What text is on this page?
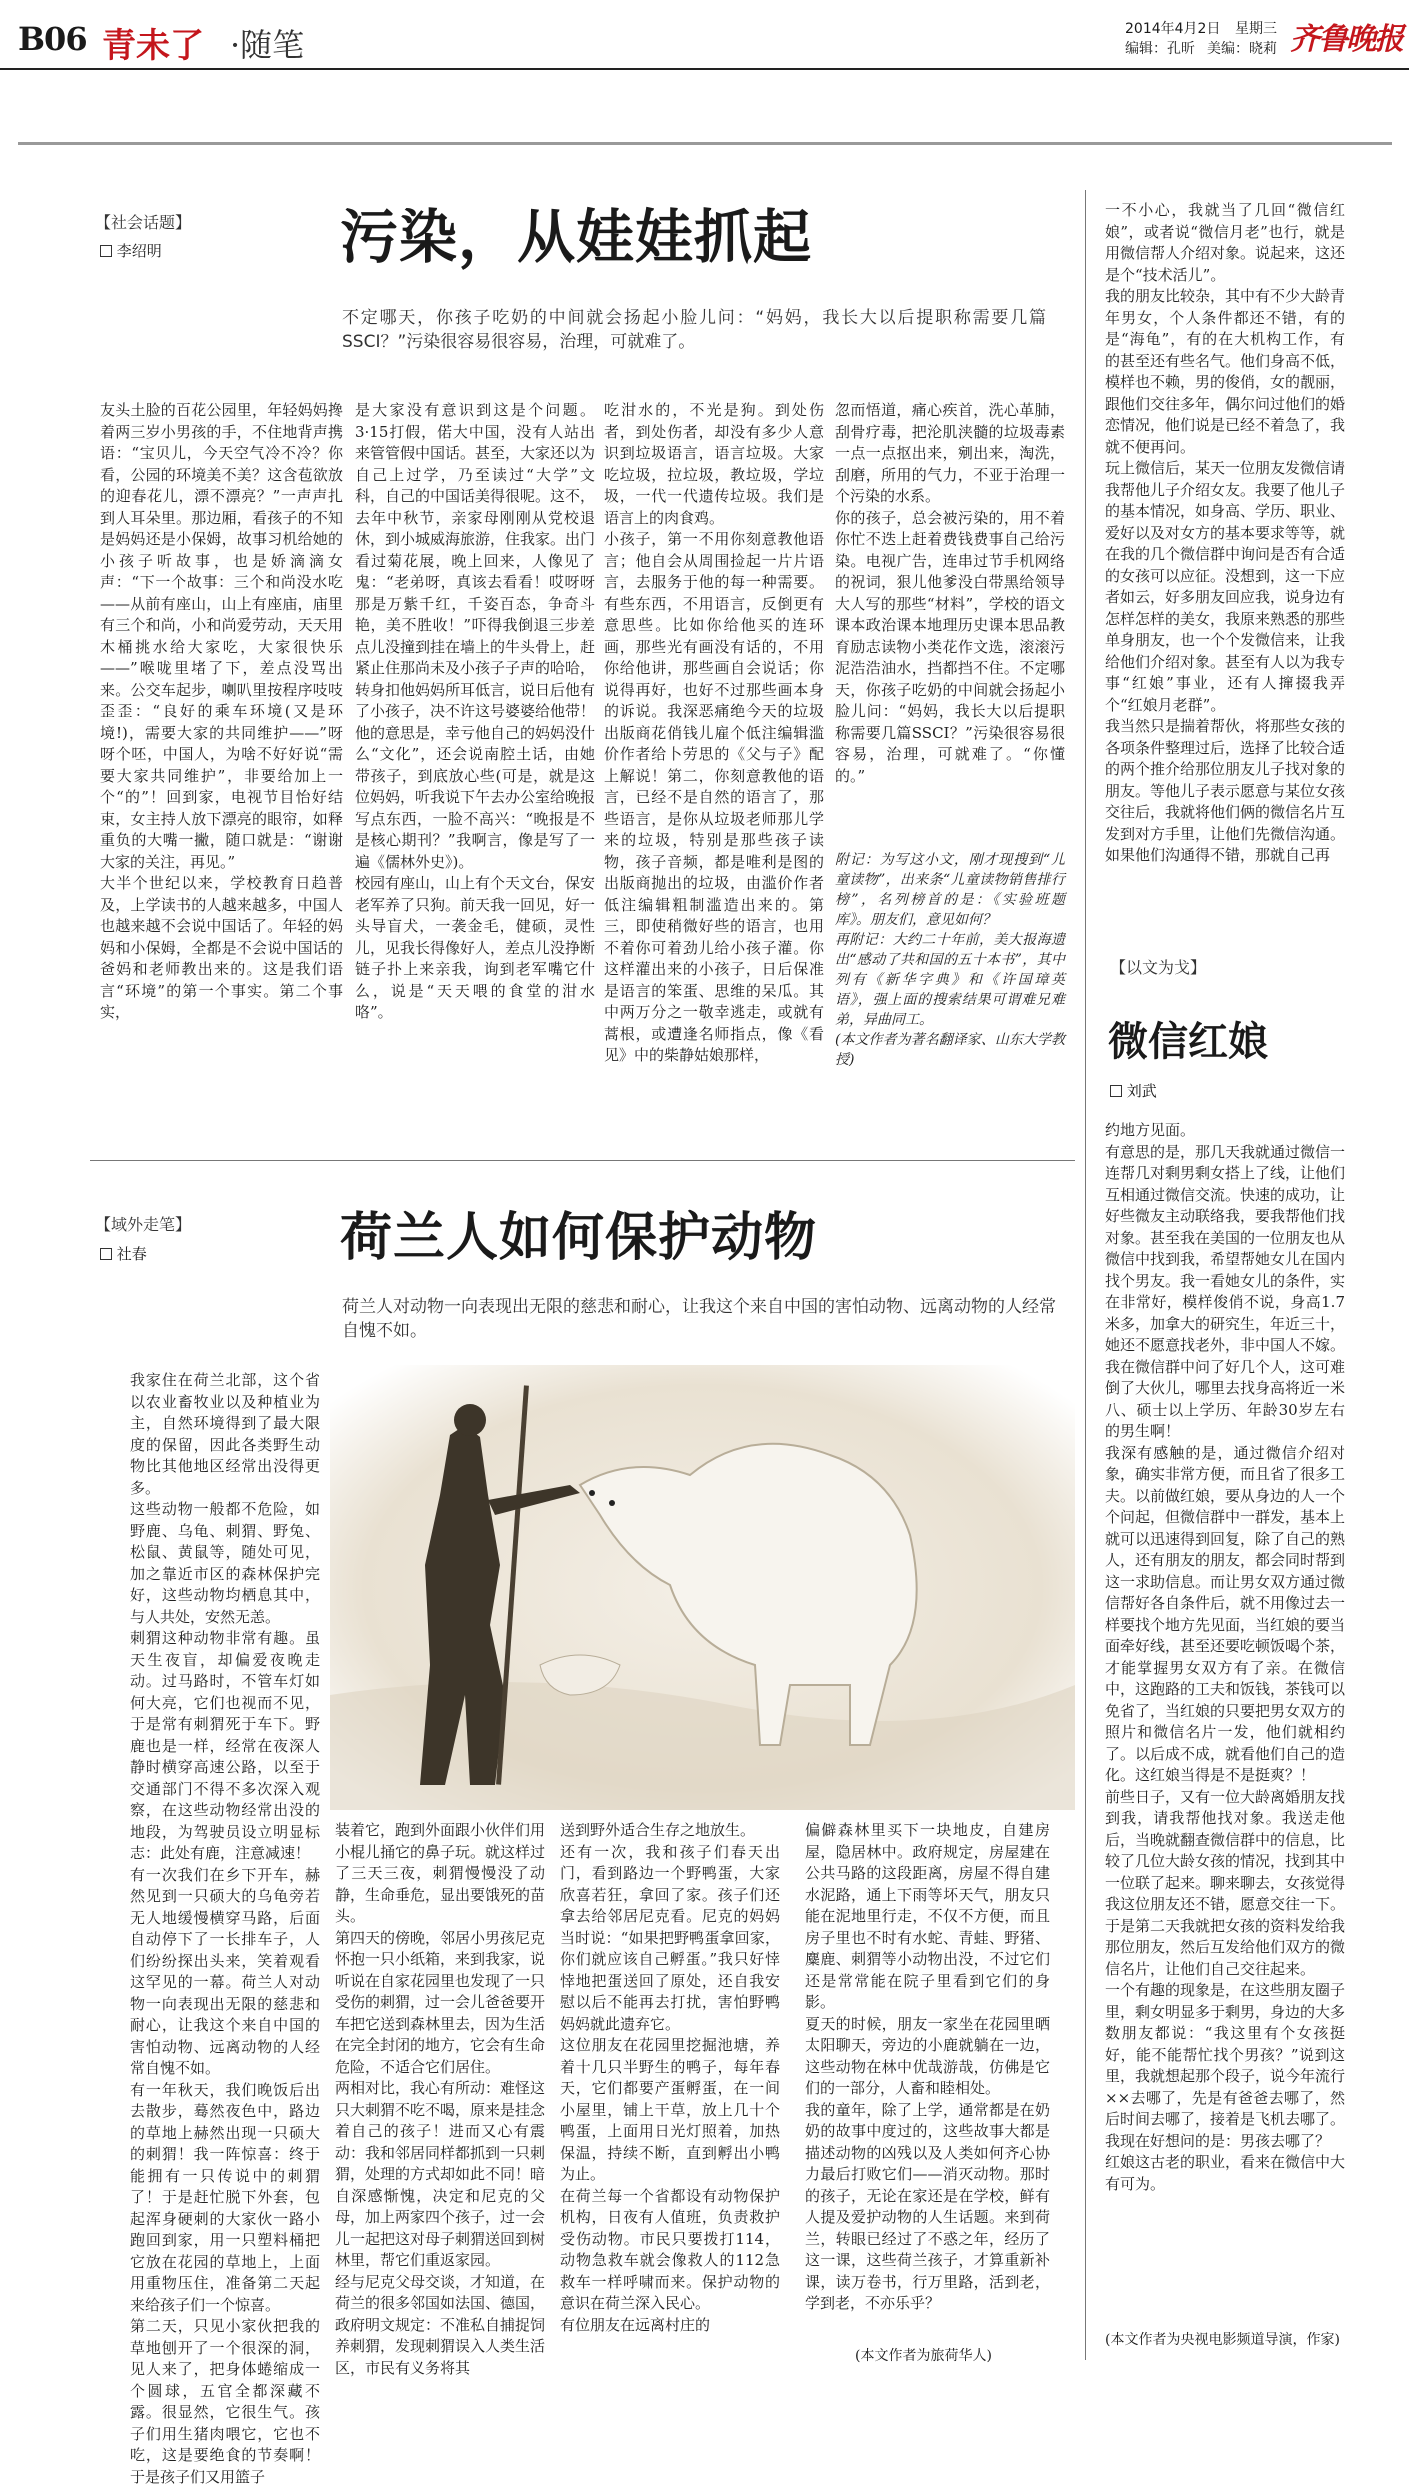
B06 青未了 ·随笔	2014年4月2日 星期三
编辑：孔昕 美编：晓莉 齐鲁晚报
【社会话题】
李绍明	污染，从娃娃抓起
不定哪天，你孩子吃奶的中间就会扬起小脸儿问：“妈妈，我长大以后提职称需要几篇SSCI？”污染很容易很容易，治理，可就难了。
友头土脸的百花公园里，年轻妈妈搀着两三岁小男孩的手，不住地背声携语：“宝贝儿，今天空气冷不冷？你看，公园的环境美不美？这含苞欲放的迎春花儿，漂不漂亮？”一声声扎到人耳朵里。那边厢，看孩子的不知是妈妈还是小保姆，故事习机给她的小孩子听故事，也是娇滴滴女声：“下一个故事：三个和尚没水吃——从前有座山，山上有座庙，庙里有三个和尚，小和尚爱劳动，天天用木桶挑水给大家吃，大家很快乐——”喉咙里堵了下，差点没骂出来。公交车起步，喇叭里按程序吱吱歪歪：“良好的乘车环境(又是环境!)，需要大家的共同维护——”呀呀个呸，中国人，为啥不好好说“需要大家共同维护”，非要给加上一个“的”！回到家，电视节目怡好结束，女主持人放下漂亮的眼帘，如释重负的大嘴一撇，随口就是：“谢谢大家的关注，再见。”
大半个世纪以来，学校教育日趋普及，上学读书的人越来越多，中国人也越来越不会说中国话了。年轻的妈妈和小保姆，全都是不会说中国话的爸妈和老师教出来的。这是我们语言“环境”的第一个事实。第二个事实，
是大家没有意识到这是个问题。3·15打假，偌大中国，没有人站出来管管假中国话。甚至，大家还以为自己上过学，乃至读过“大学”文科，自己的中国话美得很呢。这不，去年中秋节，亲家母刚刚从党校退休，到小城威海旅游，住我家。出门看过菊花展，晚上回来，人像见了鬼：“老弟呀，真该去看看！哎呀呀那是万紫千红，千姿百态，争奇斗艳，美不胜收！”吓得我倒退三步差点儿没撞到挂在墙上的牛头骨上，赶紧止住那尚未及小孩子子声的哈哈，转身扣他妈妈所耳低言，说日后他有了小孩子，决不许这号婆婆给他带！
他的意思是，幸亏他自己的妈妈没什么“文化”，还会说南腔土话，由她带孩子，到底放心些(可是，就是这位妈妈，听我说下午去办公室给晚报写点东西，一脸不高兴：“晚报是不是核心期刊？”我啊言，像是写了一遍《儒林外史》)。
校园有座山，山上有个天文台，保安老军养了只狗。前天我一回见，好一头导盲犬，一袭金毛，健硕，灵性儿，见我长得像好人，差点儿没挣断链子扑上来亲我，询到老军嘴它什么，说是“天天喂的食堂的泔水咯”。
吃泔水的，不光是狗。到处伤者，到处伤者，却没有多少人意识到垃圾语言，语言垃圾。大家吃垃圾，拉垃圾，教垃圾，学垃圾，一代一代遗传垃圾。我们是语言上的肉食鸡。
小孩子，第一不用你刻意教他语言；他自会从周围捡起一片片语言，去服务于他的每一种需要。有些东西，不用语言，反倒更有意思些。比如你给他买的连环画，那些光有画没有话的，不用你给他讲，那些画自会说话；你说得再好，也好不过那些画本身的诉说。我深恶痛绝今天的垃圾出版商花俏钱儿雇个低注编辑滥价作者给卜劳思的《父与子》配上解说！第二，你刻意教他的语言，已经不是自然的语言了，那些语言，是你从垃圾老师那儿学来的垃圾，特别是那些孩子读物，孩子音频，都是唯利是图的出版商抛出的垃圾，由滥价作者低注编辑粗制滥造出来的。第三，即使稍微好些的语言，也用不着你可着劲儿给小孩子灌。你这样灌出来的小孩子，日后保准是语言的笨蛋、思维的呆瓜。其中两万分之一敬幸逃走，或就有蒿根，或遭逢名师指点，像《看见》中的柴静姑娘那样，
忽而悟道，痛心疾首，洗心革肺，刮骨疗毒，把沦肌浃髓的垃圾毒素一点一点抠出来，剜出来，淘洗，刮磨，所用的气力，不亚于治理一个污染的水系。
你的孩子，总会被污染的，用不着你忙不迭上赶着费钱费事自己给污染。电视广告，连串过节手机网络的祝词，狠儿他爹没白带黑给领导大人写的那些“材料”，学校的语文课本政治课本地理历史课本思品教育励志读物小类花作文选，滚滚污泥浩浩油水，挡都挡不住。不定哪天，你孩子吃奶的中间就会扬起小脸儿问：“妈妈，我长大以后提职称需要几篇SSCI？”污染很容易很容易，治理，可就难了。“你懂的。”
附记：为写这小文，刚才现搜到“儿童读物”，出来条“儿童读物销售排行榜”，名列榜首的是：《实验班题库》。朋友们，意见如何？
再附记：大约二十年前，美大报海遗出“感动了共和国的五十本书”，其中列有《新华字典》和《许国璋英语》，强上面的搜索结果可谓难兄难弟，异曲同工。
(本文作者为著名翻译家、山东大学教授)
【域外走笔】
社春	荷兰人如何保护动物
荷兰人对动物一向表现出无限的慈悲和耐心，让我这个来自中国的害怕动物、远离动物的人经常自愧不如。
我家住在荷兰北部，这个省以农业畜牧业以及种植业为主，自然环境得到了最大限度的保留，因此各类野生动物比其他地区经常出没得更多。
这些动物一般都不危险，如野鹿、乌龟、刺猬、野兔、松鼠、黄鼠等，随处可见，加之靠近市区的森林保护完好，这些动物均栖息其中，与人共处，安然无恙。
刺猬这种动物非常有趣。虽天生夜盲，却偏爱夜晚走动。过马路时，不管车灯如何大亮，它们也视而不见，于是常有刺猬死于车下。野鹿也是一样，经常在夜深人静时横穿高速公路，以至于交通部门不得不多次深入观察，在这些动物经常出没的地段，为驾驶员设立明显标志：此处有鹿，注意减速！
有一次我们在乡下开车，赫然见到一只硕大的乌龟旁若无人地缓慢横穿马路，后面自动停下了一长排车子，人们纷纷探出头来，笑着观看这罕见的一幕。荷兰人对动物一向表现出无限的慈悲和耐心，让我这个来自中国的害怕动物、远离动物的人经常自愧不如。
有一年秋天，我们晚饭后出去散步，蓦然夜色中，路边的草地上赫然出现一只硕大的刺猬！我一阵惊喜：终于能拥有一只传说中的刺猬了！于是赶忙脱下外套，包起浑身硬刺的大家伙一路小跑回到家，用一只塑料桶把它放在花园的草地上，上面用重物压住，准备第二天起来给孩子们一个惊喜。
第二天，只见小家伙把我的草地刨开了一个很深的洞，见人来了，把身体蜷缩成一个圆球，五官全都深藏不露。很显然，它很生气。孩子们用生猪肉喂它，它也不吃，这是要绝食的节奏啊！于是孩子们又用篮子
装着它，跑到外面跟小伙伴们用小棍儿捅它的鼻子玩。就这样过了三天三夜，刺猬慢慢没了动静，生命垂危，显出要饿死的苗头。
第四天的傍晚，邻居小男孩尼克怀抱一只小纸箱，来到我家，说听说在自家花园里也发现了一只受伤的刺猬，过一会儿爸爸要开车把它送到森林里去，因为生活在完全封闭的地方，它会有生命危险，不适合它们居住。
两相对比，我心有所动：难怪这只大刺猬不吃不喝，原来是挂念着自己的孩子！进而又心有震动：我和邻居同样都抓到一只刺猬，处理的方式却如此不同！暗自深感惭愧，决定和尼克的父母，加上两家四个孩子，过一会儿一起把这对母子刺猬送回到树林里，帮它们重返家园。
经与尼克父母交谈，才知道，在荷兰的很多邻国如法国、德国，政府明文规定：不准私自捕捉饲养刺猬，发现刺猬误入人类生活区，市民有义务将其
送到野外适合生存之地放生。
还有一次，我和孩子们春天出门，看到路边一个野鸭蛋，大家欣喜若狂，拿回了家。孩子们还拿去给邻居尼克看。尼克的妈妈当时说：“如果把野鸭蛋拿回家，你们就应该自己孵蛋。”我只好悻悻地把蛋送回了原处，还自我安慰以后不能再去打扰，害怕野鸭妈妈就此遗弃它。
这位朋友在花园里挖掘池塘，养着十几只半野生的鸭子，每年春天，它们都要产蛋孵蛋，在一间小屋里，铺上干草，放上几十个鸭蛋，上面用日光灯照着，加热保温，持续不断，直到孵出小鸭为止。
在荷兰每一个省都设有动物保护机构，日夜有人值班，负责救护受伤动物。市民只要拨打114，动物急救车就会像救人的112急救车一样呼啸而来。保护动物的意识在荷兰深入民心。
有位朋友在远离村庄的
偏僻森林里买下一块地皮，自建房屋，隐居林中。政府规定，房屋建在公共马路的这段距离，房屋不得自建水泥路，通上下雨等坏天气，朋友只能在泥地里行走，不仅不方便，而且房子里也不时有水蛇、青蛙、野猪、麋鹿、刺猬等小动物出没，不过它们还是常常能在院子里看到它们的身影。
夏天的时候，朋友一家坐在花园里晒太阳聊天，旁边的小鹿就躺在一边，这些动物在林中优哉游哉，仿佛是它们的一部分，人畜和睦相处。
我的童年，除了上学，通常都是在奶奶的故事中度过的，这些故事大都是描述动物的凶残以及人类如何齐心协力最后打败它们——消灭动物。那时的孩子，无论在家还是在学校，鲜有人提及爱护动物的人生话题。来到荷兰，转眼已经过了不惑之年，经历了这一课，这些荷兰孩子，才算重新补课，读万卷书，行万里路，活到老，学到老，不亦乐乎？
(本文作者为旅荷华人)
一不小心，我就当了几回“微信红娘”，或者说“微信月老”也行，就是用微信帮人介绍对象。说起来，这还是个“技术活儿”。
我的朋友比较杂，其中有不少大龄青年男女，个人条件都还不错，有的是“海龟”，有的在大机构工作，有的甚至还有些名气。他们身高不低，模样也不赖，男的俊俏，女的靓丽，跟他们交往多年，偶尔问过他们的婚恋情况，他们说是已经不着急了，我就不便再问。
玩上微信后，某天一位朋友发微信请我帮他儿子介绍女友。我要了他儿子的基本情况，如身高、学历、职业、爱好以及对女方的基本要求等等，就在我的几个微信群中询问是否有合适的女孩可以应征。没想到，这一下应者如云，好多朋友回应我，说身边有怎样怎样的美女，我原来熟悉的那些单身朋友，也一个个发微信来，让我给他们介绍对象。甚至有人以为我专事“红娘”事业，还有人撺掇我弄个“红娘月老群”。
我当然只是揣着帮伙，将那些女孩的各项条件整理过后，选择了比较合适的两个推介给那位朋友儿子找对象的朋友。等他儿子表示愿意与某位女孩交往后，我就将他们俩的微信名片互发到对方手里，让他们先微信沟通。如果他们沟通得不错，那就自己再
【以文为戈】
微信红娘
刘武
约地方见面。
有意思的是，那几天我就通过微信一连帮几对剩男剩女搭上了线，让他们互相通过微信交流。快速的成功，让好些微友主动联络我，要我帮他们找对象。甚至我在美国的一位朋友也从微信中找到我，希望帮她女儿在国内找个男友。我一看她女儿的条件，实在非常好，模样俊俏不说，身高1.7米多，加拿大的研究生，年近三十，她还不愿意找老外，非中国人不嫁。我在微信群中问了好几个人，这可难倒了大伙儿，哪里去找身高将近一米八、硕士以上学历、年龄30岁左右的男生啊！
我深有感触的是，通过微信介绍对象，确实非常方便，而且省了很多工夫。以前做红娘，要从身边的人一个个问起，但微信群中一群发，基本上就可以迅速得到回复，除了自己的熟人，还有朋友的朋友，都会同时帮到这一求助信息。而让男女双方通过微信帮好各自条件后，就不用像过去一样要找个地方先见面，当红娘的要当面牵好线，甚至还要吃顿饭喝个茶，才能掌握男女双方有了亲。在微信中，这跑路的工夫和饭钱，茶钱可以免省了，当红娘的只要把男女双方的照片和微信名片一发，他们就相约了。以后成不成，就看他们自己的造化。这红娘当得是不是挺爽？！
前些日子，又有一位大龄离婚朋友找到我，请我帮他找对象。我送走他后，当晚就翻查微信群中的信息，比较了几位大龄女孩的情况，找到其中一位联了起来。聊来聊去，女孩觉得我这位朋友还不错，愿意交往一下。于是第二天我就把女孩的资料发给我那位朋友，然后互发给他们双方的微信名片，让他们自己交往起来。
一个有趣的现象是，在这些朋友圈子里，剩女明显多于剩男，身边的大多数朋友都说：“我这里有个女孩挺好，能不能帮忙找个男孩？”说到这里，我就想起那个段子，说今年流行××去哪了，先是有爸爸去哪了，然后时间去哪了，接着是飞机去哪了。我现在好想问的是：男孩去哪了？
红娘这古老的职业，看来在微信中大有可为。
(本文作者为央视电影频道导演，作家)
